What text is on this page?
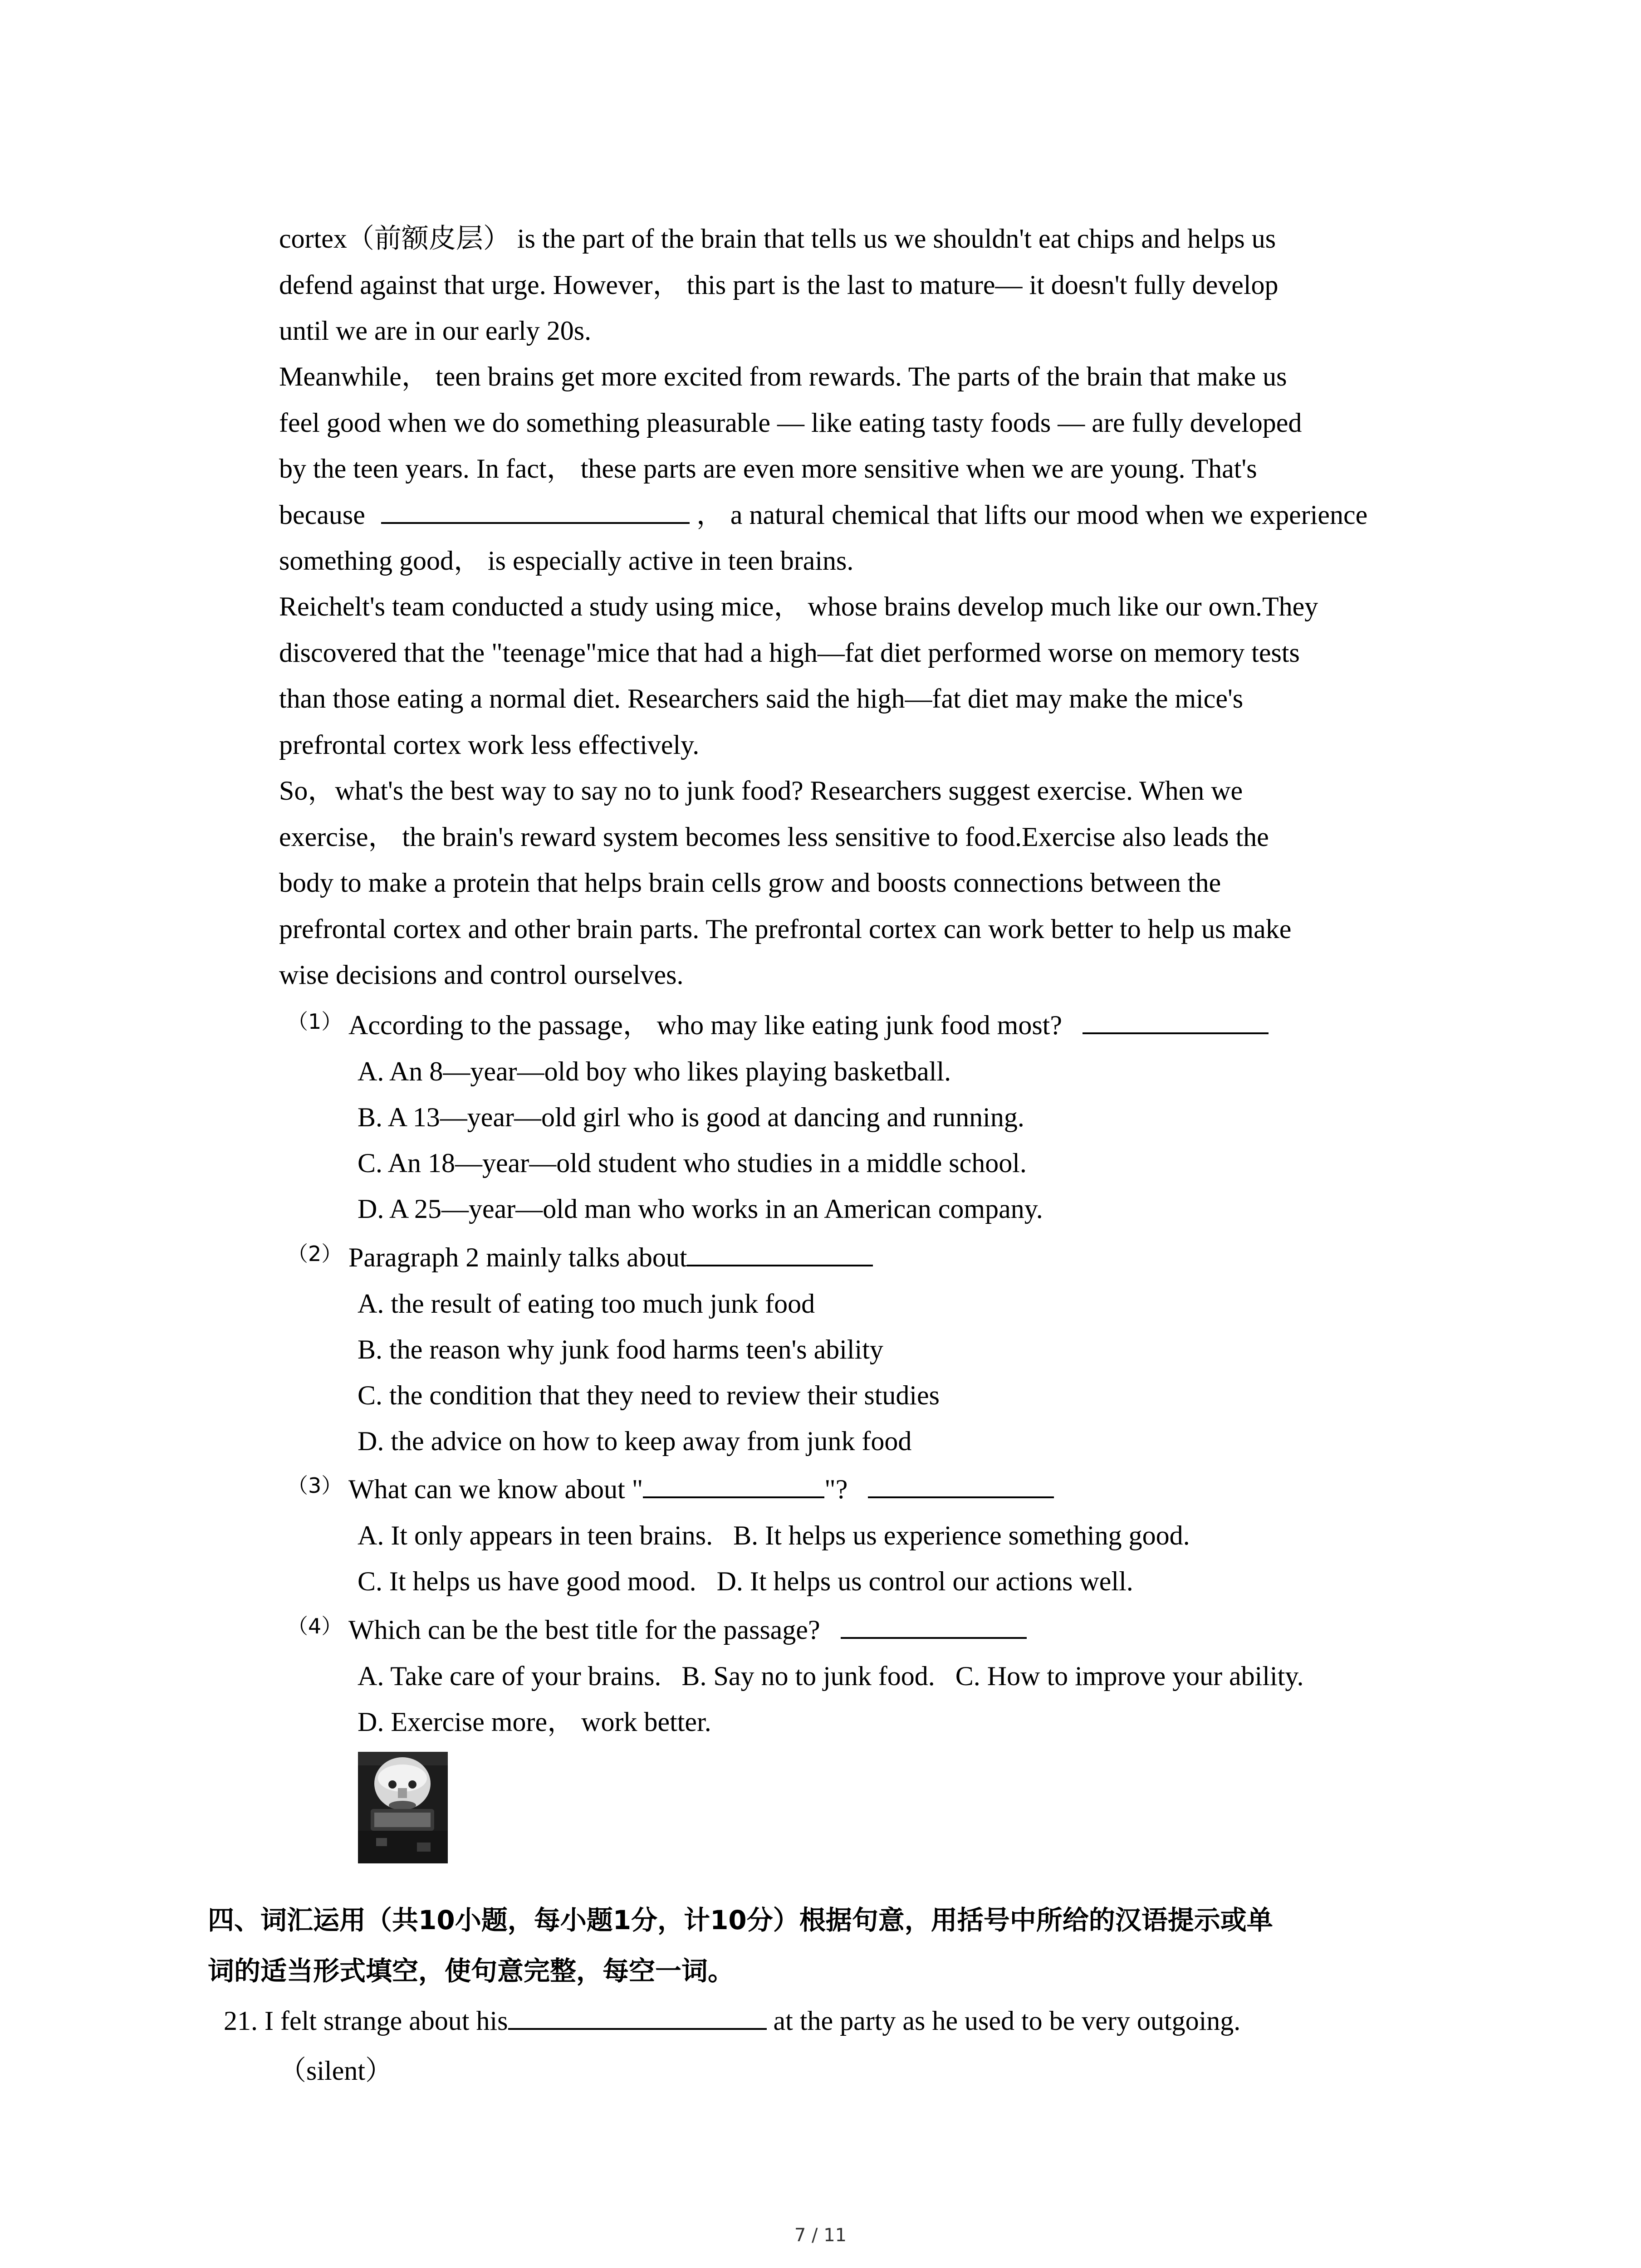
cortex（前额皮层） is the part of the brain that tells us we shouldn't eat chips and helps us
defend against that urge. However， this part is the last to mature— it doesn't fully develop
until we are in our early 20s.
Meanwhile， teen brains get more excited from rewards. The parts of the brain that make us
feel good when we do something pleasurable — like eating tasty foods — are fully developed
by the teen years. In fact， these parts are even more sensitive when we are young. That's
because	， a natural chemical that lifts our mood when we experience
something good， is especially active in teen brains.
Reichelt's team conducted a study using mice， whose brains develop much like our own.They
discovered that the "teenage"mice that had a high—fat diet performed worse on memory tests
than those eating a normal diet. Researchers said the high—fat diet may make the mice's
prefrontal cortex work less effectively.
So，what's the best way to say no to junk food? Researchers suggest exercise. When we
exercise， the brain's reward system becomes less sensitive to food.Exercise also leads the
body to make a protein that helps brain cells grow and boosts connections between the
prefrontal cortex and other brain parts. The prefrontal cortex can work better to help us make
wise decisions and control ourselves.
（1） According to the passage， who may like eating junk food most?
A. An 8—year—old boy who likes playing basketball.
B. A 13—year—old girl who is good at dancing and running.
C. An 18—year—old student who studies in a middle school.
D. A 25—year—old man who works in an American company.
（2） Paragraph 2 mainly talks about
A. the result of eating too much junk food
B. the reason why junk food harms teen's ability
C. the condition that they need to review their studies
D. the advice on how to keep away from junk food
（3） What can we know about "	"?
A. It only appears in teen brains.   B. It helps us experience something good.
C. It helps us have good mood.   D. It helps us control our actions well.
（4） Which can be the best title for the passage?
A. Take care of your brains.   B. Say no to junk food.   C. How to improve your ability.
D. Exercise more， work better.
四、词汇运用（共10小题，每小题1分，计10分）根据句意，用括号中所给的汉语提示或单
词的适当形式填空，使句意完整，每空一词。
21. I felt strange about his	at the party as he used to be very outgoing.
（silent）
7 / 11
